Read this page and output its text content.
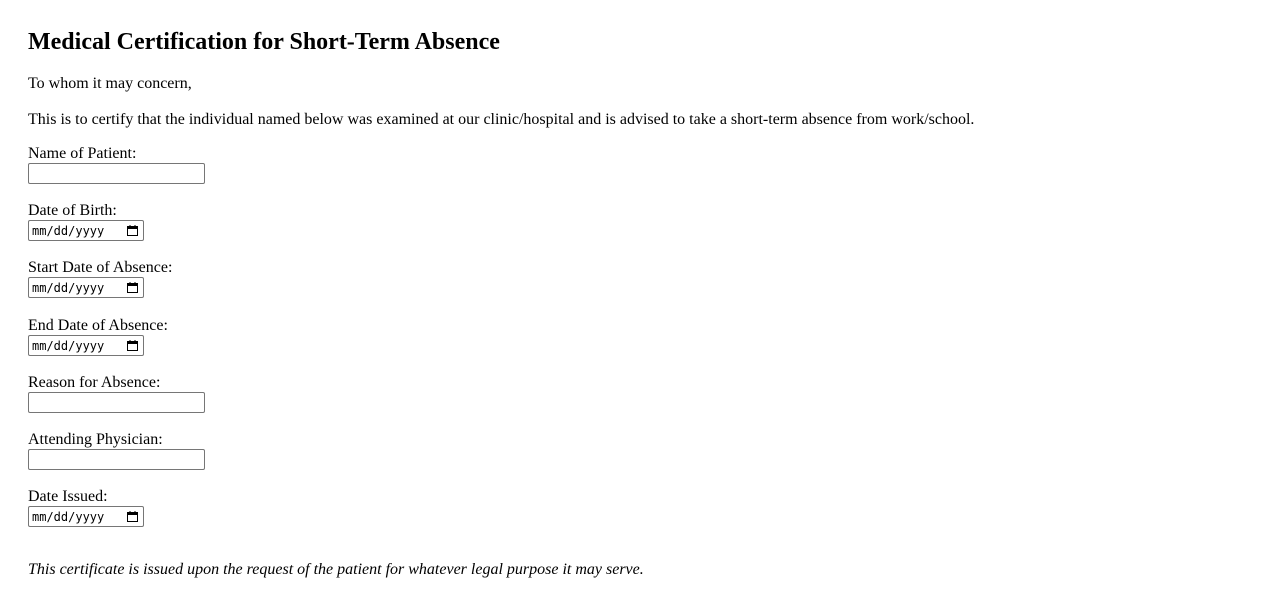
Medical Certification for Short-Term Absence

To whom it may concern,

This is to certify that the individual named below was examined at our clinic/hospital and is advised to take a short-term absence from work/school.

Name of Patient:
Date of Birth:
mm/dd/yyyy
Start Date of Absence:
mm/dd/yyyy
End Date of Absence:
mm/dd/yyyy
Reason for Absence:
Attending Physician:
Date Issued:
mm/dd/yyyy

This certificate is issued upon the request of the patient for whatever legal purpose it may serve.
